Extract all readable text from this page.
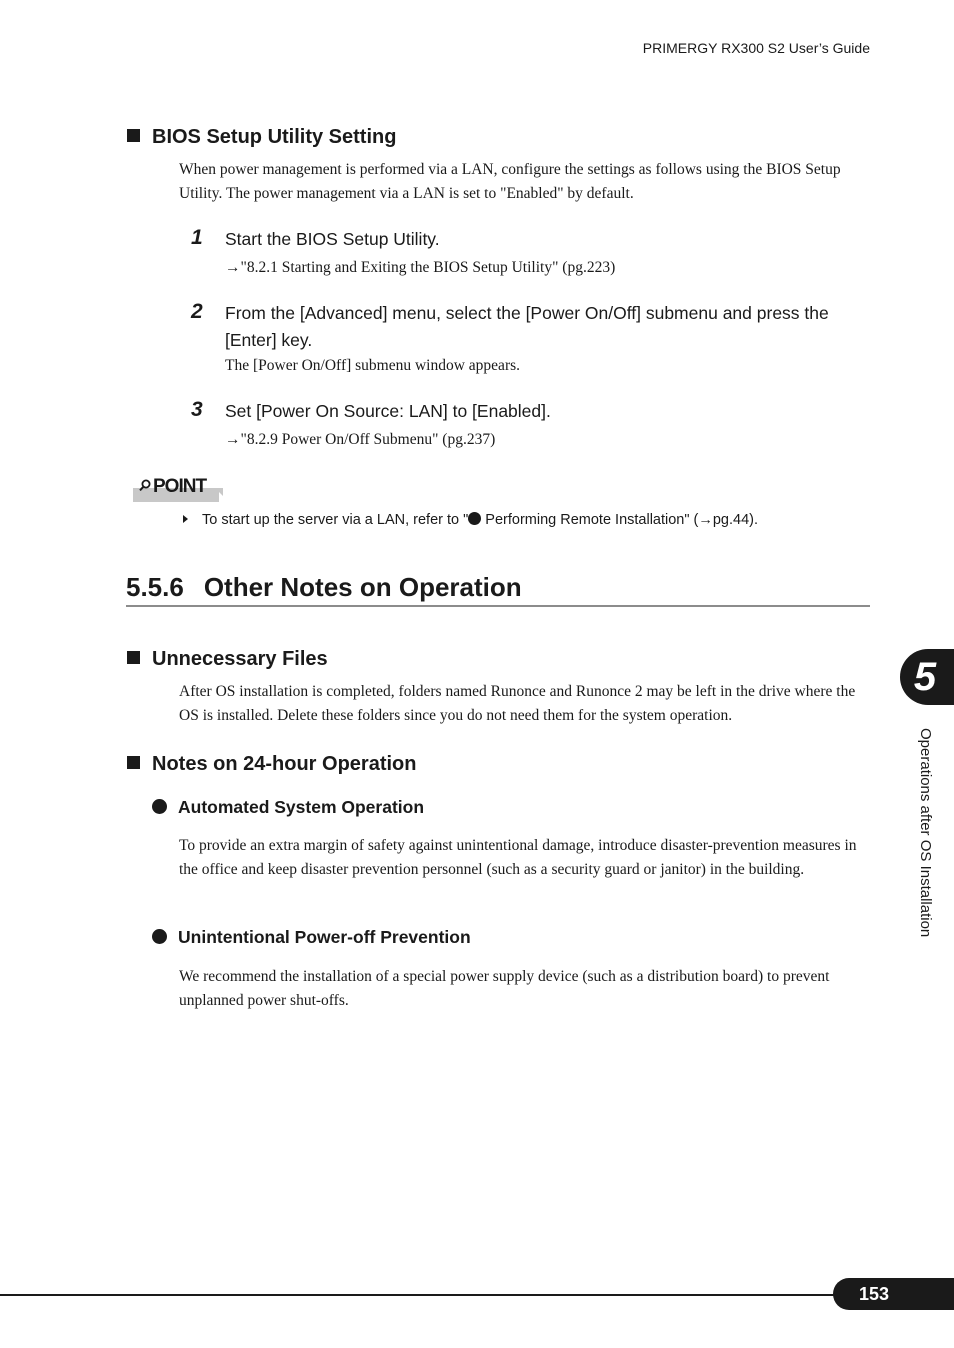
PRIMERGY RX300 S2 User’s Guide
BIOS Setup Utility Setting
When power management is performed via a LAN, configure the settings as follows using the BIOS Setup Utility. The power management via a LAN is set to "Enabled" by default.
1 Start the BIOS Setup Utility.
→"8.2.1 Starting and Exiting the BIOS Setup Utility" (pg.223)
2 From the [Advanced] menu, select the [Power On/Off] submenu and press the [Enter] key.
The [Power On/Off] submenu window appears.
3 Set [Power On Source: LAN] to [Enabled].
→"8.2.9 Power On/Off Submenu" (pg.237)
POINT
To start up the server via a LAN, refer to " Performing Remote Installation" (→pg.44).
5.5.6 Other Notes on Operation
Unnecessary Files
After OS installation is completed, folders named Runonce and Runonce 2 may be left in the drive where the OS is installed. Delete these folders since you do not need them for the system operation.
Notes on 24-hour Operation
Automated System Operation
To provide an extra margin of safety against unintentional damage, introduce disaster-prevention measures in the office and keep disaster prevention personnel (such as a security guard or janitor) in the building.
Unintentional Power-off Prevention
We recommend the installation of a special power supply device (such as a distribution board) to prevent unplanned power shut-offs.
5
Operations after OS Installation
153
